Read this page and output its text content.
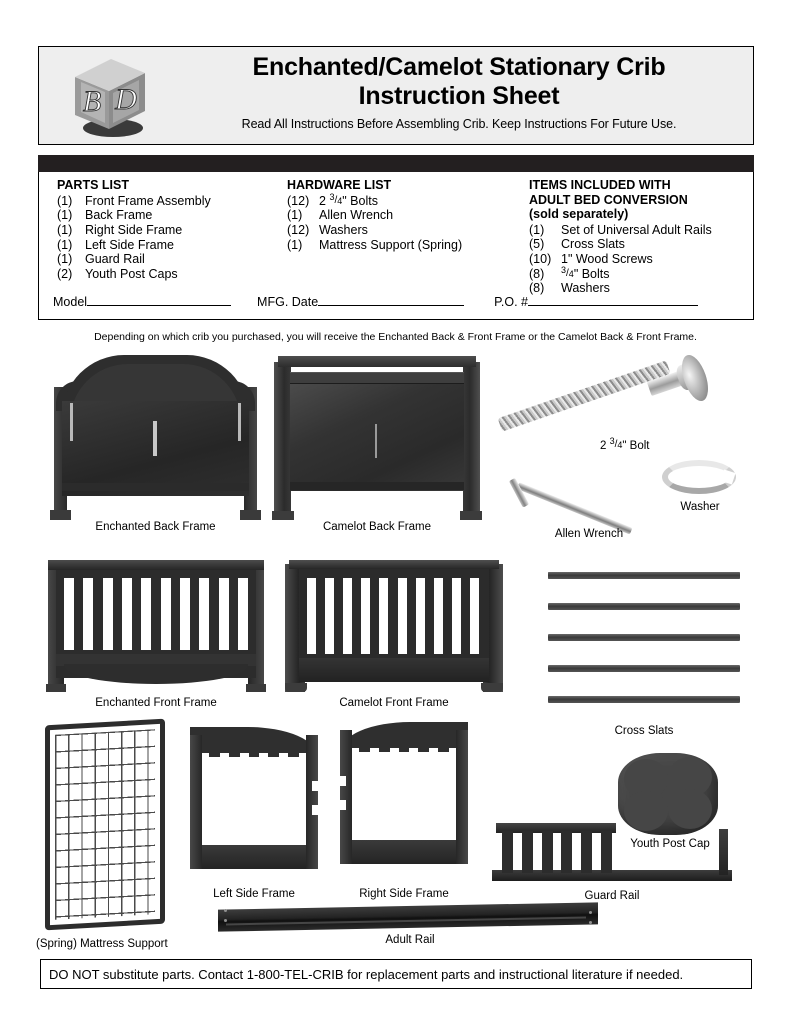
B D
Enchanted/Camelot Stationary Crib
Instruction Sheet
Read All Instructions Before Assembling Crib. Keep Instructions For Future Use.
PARTS LIST
(1) Front Frame Assembly
(1) Back Frame
(1) Right Side Frame
(1) Left Side Frame
(1) Guard Rail
(2) Youth Post Caps
HARDWARE LIST
(12) 2 3/4" Bolts
(1) Allen Wrench
(12) Washers
(1) Mattress Support (Spring)
ITEMS INCLUDED WITH
ADULT BED CONVERSION
(sold separately)
(1) Set of Universal Adult Rails
(5) Cross Slats
(10) 1" Wood Screws
(8) 3/4" Bolts
(8) Washers
Model	MFG. Date	P.O. #
Depending on which crib you purchased, you will receive the Enchanted Back & Front Frame or the Camelot Back & Front Frame.
Enchanted Back Frame	Camelot Back Frame
2 3/4" Bolt
Allen Wrench
Washer
Enchanted Front Frame	Camelot Front Frame
Cross Slats
(Spring) Mattress Support
Left Side Frame	Right Side Frame	Guard Rail
Youth Post Cap
Adult Rail
DO NOT substitute parts. Contact 1-800-TEL-CRIB for replacement parts and instructional literature if needed.
